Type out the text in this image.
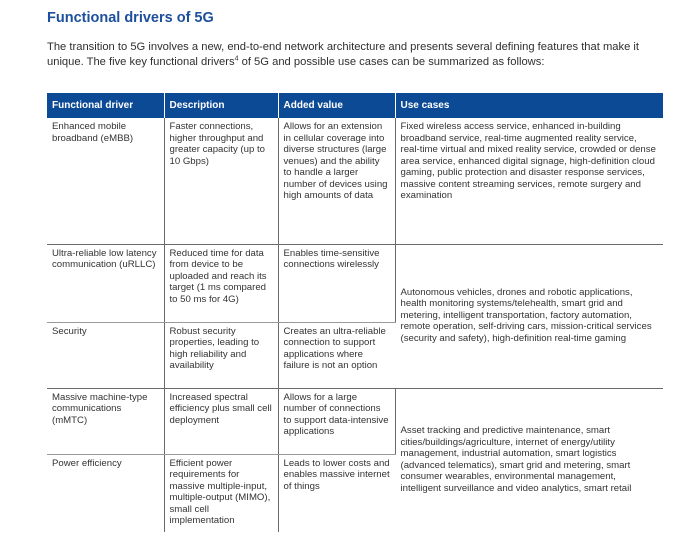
Functional drivers of 5G

The transition to 5G involves a new, end-to-end network architecture and presents several defining features that make it unique. The five key functional drivers$^4$ of 5G and possible use cases can be summarized as follows:

Functional driver	Description	Added value	Use cases
Enhanced mobile broadband (eMBB)	Faster connections, higher throughput and greater capacity (up to 10 Gbps)	Allows for an extension in cellular coverage into diverse structures (large venues) and the ability to handle a larger number of devices using high amounts of data	Fixed wireless access service, enhanced in-building broadband service, real-time augmented reality service, real-time virtual and mixed reality service, crowded or dense area service, enhanced digital signage, high-definition cloud gaming, public protection and disaster response services, massive content streaming services, remote surgery and examination
Ultra-reliable low latency communication (uRLLC)	Reduced time for data from device to be uploaded and reach its target (1 ms compared to 50 ms for 4G)	Enables time-sensitive connections wirelessly	Autonomous vehicles, drones and robotic applications, health monitoring systems/telehealth, smart grid and metering, intelligent transportation, factory automation, remote operation, self-driving cars, mission-critical services (security and safety), high-definition real-time gaming
Security	Robust security properties, leading to high reliability and availability	Creates an ultra-reliable connection to support applications where failure is not an option	
Massive machine-type communications (mMTC)	Increased spectral efficiency plus small cell deployment	Allows for a large number of connections to support data-intensive applications	Asset tracking and predictive maintenance, smart cities/buildings/agriculture, internet of energy/utility management, industrial automation, smart logistics (advanced telematics), smart grid and metering, smart consumer wearables, environmental management, intelligent surveillance and video analytics, smart retail
Power efficiency	Efficient power requirements for massive multiple-input, multiple-output (MIMO), small cell implementation	Leads to lower costs and enables massive internet of things	
